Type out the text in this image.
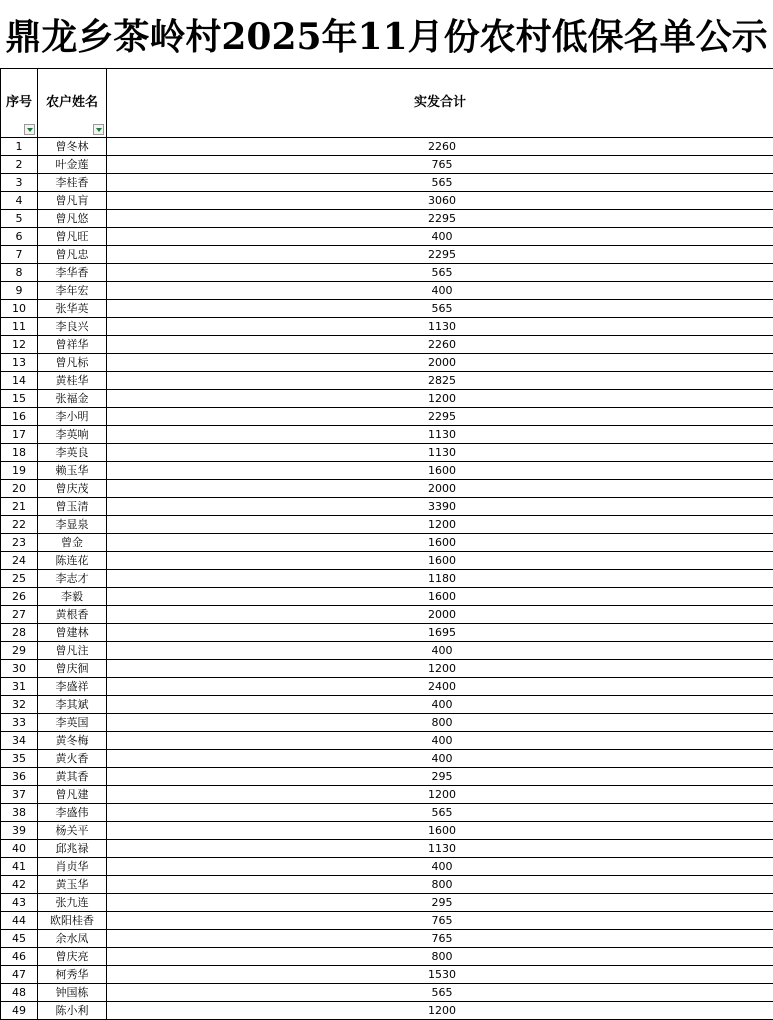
鼎龙乡茶岭村2025年11月份农村低保名单公示
序号	农户姓名	实发合计

1	曾冬林	2260
2	叶金莲	765
3	李桂香	565
4	曾凡肓	3060
5	曾凡悠	2295
6	曾凡旺	400
7	曾凡忠	2295
8	李华香	565
9	李年宏	400
10	张华英	565
11	李良兴	1130
12	曾祥华	2260
13	曾凡标	2000
14	黄桂华	2825
15	张福金	1200
16	李小明	2295
17	李英响	1130
18	李英良	1130
19	赖玉华	1600
20	曾庆茂	2000
21	曾玉清	3390
22	李显泉	1200
23	曾金	1600
24	陈连花	1600
25	李志才	1180
26	李毅	1600
27	黄根香	2000
28	曾建林	1695
29	曾凡注	400
30	曾庆徊	1200
31	李盛祥	2400
32	李其斌	400
33	李英国	800
34	黄冬梅	400
35	黄火香	400
36	黄其香	295
37	曾凡建	1200
38	李盛伟	565
39	杨关平	1600
40	邱兆禄	1130
41	肖贞华	400
42	黄玉华	800
43	张九连	295
44	欧阳桂香	765
45	余水凤	765
46	曾庆亮	800
47	柯秀华	1530
48	钟国栋	565
49	陈小利	1200
